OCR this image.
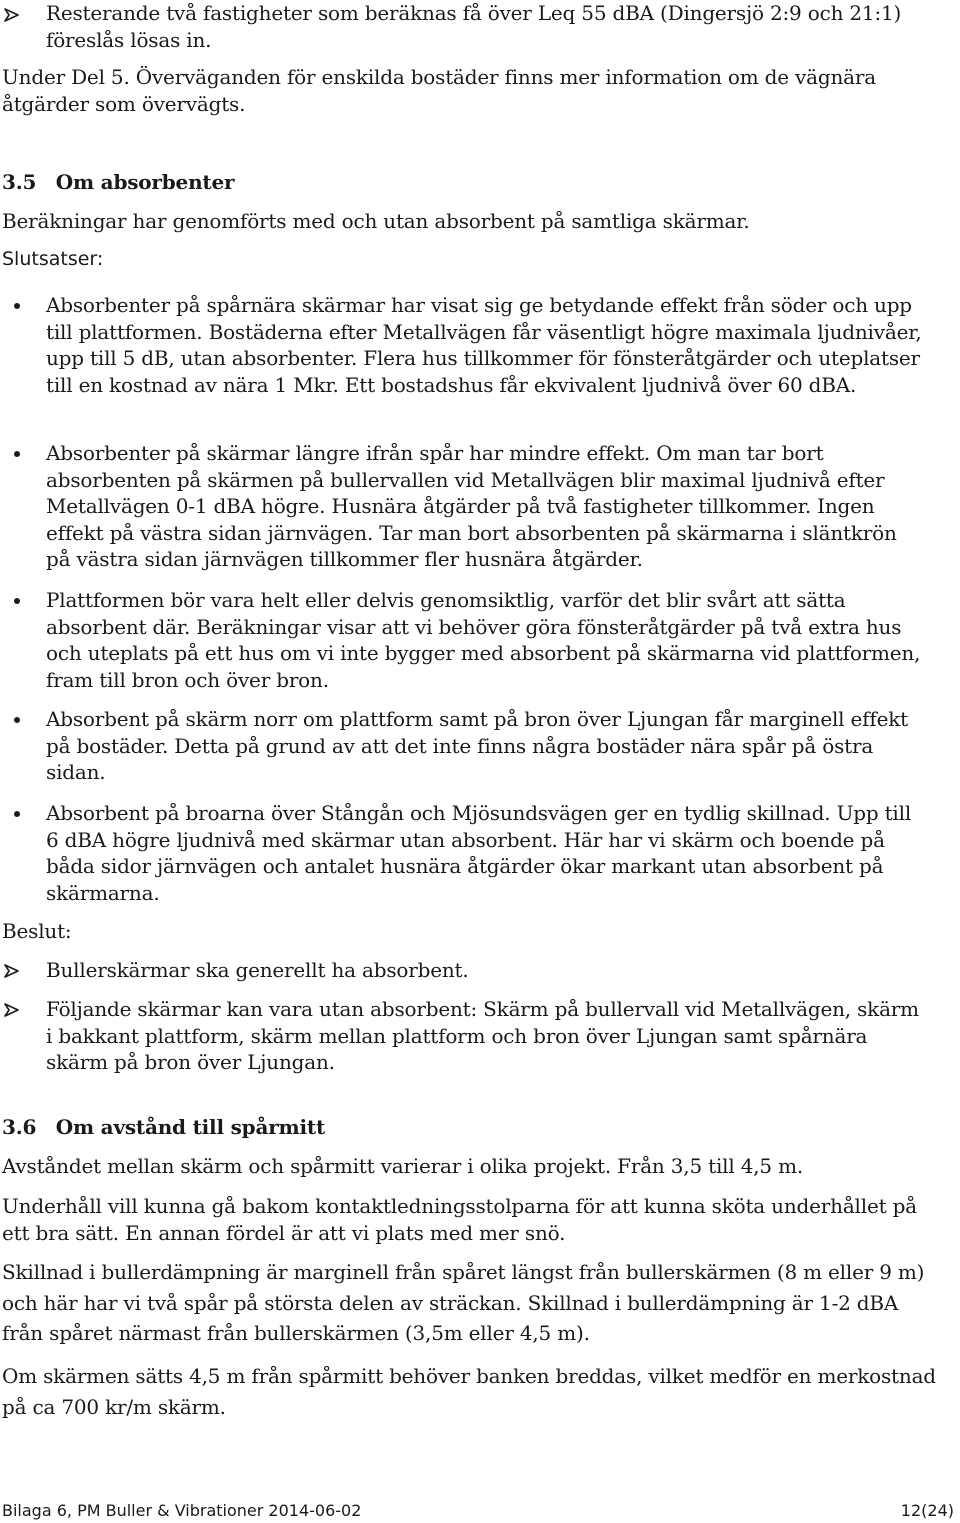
Resterande två fastigheter som beräknas få över Leq 55 dBA (Dingersjö 2:9 och 21:1) föreslås lösas in.

Under Del 5. Överväganden för enskilda bostäder finns mer information om de vägnära åtgärder som övervägts.

3.5 Om absorbenter

Beräkningar har genomförts med och utan absorbent på samtliga skärmar.

Slutsatser:

Absorbenter på spårnära skärmar har visat sig ge betydande effekt från söder och upp till plattformen. Bostäderna efter Metallvägen får väsentligt högre maximala ljudnivåer, upp till 5 dB, utan absorbenter. Flera hus tillkommer för fönsteråtgärder och uteplatser till en kostnad av nära 1 Mkr. Ett bostadshus får ekvivalent ljudnivå över 60 dBA.

Absorbenter på skärmar längre ifrån spår har mindre effekt. Om man tar bort absorbenten på skärmen på bullervallen vid Metallvägen blir maximal ljudnivå efter Metallvägen 0-1 dBA högre. Husnära åtgärder på två fastigheter tillkommer. Ingen effekt på västra sidan järnvägen. Tar man bort absorbenten på skärmarna i släntkrön på västra sidan järnvägen tillkommer fler husnära åtgärder.

Plattformen bör vara helt eller delvis genomsiktlig, varför det blir svårt att sätta absorbent där. Beräkningar visar att vi behöver göra fönsteråtgärder på två extra hus och uteplats på ett hus om vi inte bygger med absorbent på skärmarna vid plattformen, fram till bron och över bron.

Absorbent på skärm norr om plattform samt på bron över Ljungan får marginell effekt på bostäder. Detta på grund av att det inte finns några bostäder nära spår på östra sidan.

Absorbent på broarna över Stångån och Mjösundsvägen ger en tydlig skillnad. Upp till 6 dBA högre ljudnivå med skärmar utan absorbent. Här har vi skärm och boende på båda sidor järnvägen och antalet husnära åtgärder ökar markant utan absorbent på skärmarna.

Beslut:

Bullerskärmar ska generellt ha absorbent.

Följande skärmar kan vara utan absorbent: Skärm på bullervall vid Metallvägen, skärm i bakkant plattform, skärm mellan plattform och bron över Ljungan samt spårnära skärm på bron över Ljungan.

3.6 Om avstånd till spårmitt

Avståndet mellan skärm och spårmitt varierar i olika projekt. Från 3,5 till 4,5 m.

Underhåll vill kunna gå bakom kontaktledningsstolparna för att kunna sköta underhållet på ett bra sätt. En annan fördel är att vi plats med mer snö.

Skillnad i bullerdämpning är marginell från spåret längst från bullerskärmen (8 m eller 9 m) och här har vi två spår på största delen av sträckan. Skillnad i bullerdämpning är 1-2 dBA från spåret närmast från bullerskärmen (3,5m eller 4,5 m).

Om skärmen sätts 4,5 m från spårmitt behöver banken breddas, vilket medför en merkostnad på ca 700 kr/m skärm.

Bilaga 6, PM Buller & Vibrationer 2014-06-02	12(24)
